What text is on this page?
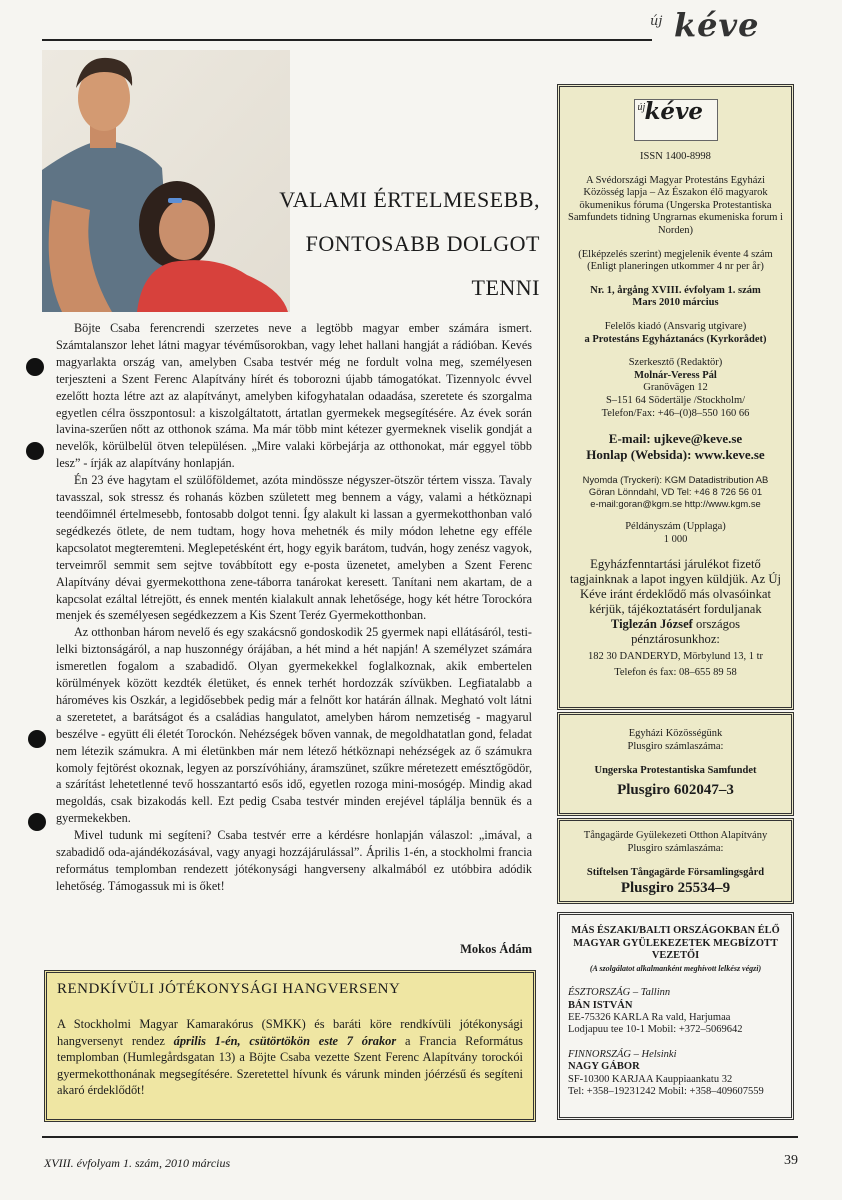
új kéve
VALAMI ÉRTELMESEBB,
FONTOSABB DOLGOT
TENNI

Böjte Csaba ferencrendi szerzetes neve a legtöbb magyar ember számára ismert. Számtalanszor lehet látni magyar tévéműsorokban, vagy lehet hallani hangját a rádióban. Kevés magyarlakta ország van, amelyben Csaba testvér még ne fordult volna meg, személyesen terjeszteni a Szent Ferenc Alapítvány hírét és toborozni újabb támogatókat. Tizennyolc évvel ezelőtt hozta létre azt az alapítványt, amelyben kifogyhatalan odaadása, szeretete és szorgalma egyetlen célra összpontosul: a kiszolgáltatott, ártatlan gyermekek megsegítésére. Az évek során lavina-szerűen nőtt az otthonok száma. Ma már több mint kétezer gyermeknek viselik gondját a nevelők, körülbelül ötven településen. „Mire valaki körbejárja az otthonokat, már eggyel több lesz” - írják az alapítvány honlapján.

Én 23 éve hagytam el szülőföldemet, azóta mindössze négyszer-ötször tértem vissza. Tavaly tavasszal, sok stressz és rohanás közben született meg bennem a vágy, valami a hétköznapi teendőimnél értelmesebb, fontosabb dolgot tenni. Így alakult ki lassan a gyermekotthonban való segédkezés ötlete, de nem tudtam, hogy hova mehetnék és mily módon lehetne egy efféle kapcsolatot megteremteni. Meglepetésként ért, hogy egyik barátom, tudván, hogy zenész vagyok, terveimről semmit sem sejtve továbbított egy e-posta üzenetet, amelyben a Szent Ferenc Alapítvány dévai gyermekotthona zene-táborra tanárokat keresett. Tanítani nem akartam, de a kapcsolat ezáltal létrejött, és ennek mentén kialakult annak lehetősége, hogy két hétre Torockóra menjek és személyesen segédkezzem a Kis Szent Teréz Gyermekotthonban.

Az otthonban három nevelő és egy szakácsnő gondoskodik 25 gyermek napi ellátásáról, testi-lelki biztonságáról, a nap huszonnégy órájában, a hét mind a hét napján! A személyzet számára ismeretlen fogalom a szabadidő. Olyan gyermekekkel foglalkoznak, akik embertelen körülmények között kezdték életüket, és ennek terhét hordozzák szívükben. Legfiatalabb a hároméves kis Oszkár, a legidősebbek pedig már a felnőtt kor határán állnak. Megható volt látni a szeretetet, a barátságot és a családias hangulatot, amelyben három nemzetiség - magyarul beszélve - együtt éli életét Torockón. Nehézségek bőven vannak, de megoldhatatlan gond, feladat nem létezik számukra. A mi életünkben már nem létező hétköznapi nehézségek az ő számukra komoly fejtörést okoznak, legyen az porszívóhiány, áramszünet, szűkre méretezett emésztőgödör, a szárítást lehetetlenné tevő hosszantartó esős idő, egyetlen rozoga mini-mosógép. Mindig akad megoldás, csak bizakodás kell. Ezt pedig Csaba testvér minden erejével táplálja bennük és a gyermekekben.

Mivel tudunk mi segíteni? Csaba testvér erre a kérdésre honlapján válaszol: „imával, a szabadidő oda-ajándékozásával, vagy anyagi hozzájárulással”. Április 1-én, a stockholmi francia református templomban rendezett jótékonysági hangverseny alkalmából ez utóbbira adódik lehetőség. Támogassuk mi is őket!

Mokos Ádám
RENDKÍVÜLI JÓTÉKONYSÁGI HANGVERSENY
A Stockholmi Magyar Kamarakórus (SMKK) és baráti köre rendkívüli jótékonysági hangversenyt rendez április 1-én, csütörtökön este 7 órakor a Francia Református templomban (Humlegårdsgatan 13) a Böjte Csaba vezette Szent Ferenc Alapítvány torockói gyermekotthonának megsegítésére. Szeretettel hívunk és várunk minden jóérzésű és segíteni akaró érdeklődőt!
új kéve
ISSN 1400-8998
A Svédországi Magyar Protestáns Egyházi Közösség lapja – Az Északon élő magyarok ökumenikus fóruma (Ungerska Protestantiska Samfundets tidning Ungrarnas ekumeniska forum i Norden)
(Elképzelés szerint) megjelenik évente 4 szám (Enligt planeringen utkommer 4 nr per år)
Nr. 1, årgång XVIII. évfolyam 1. szám
Mars 2010 március
Felelős kiadó (Ansvarig utgivare)
a Protestáns Egyháztanács (Kyrkorådet)
Szerkesztő (Redaktör)
Molnár-Veress Pál
Granövägen 12
S–151 64 Södertälje /Stockholm/
Telefon/Fax: +46–(0)8–550 160 66
E-mail: ujkeve@keve.se
Honlap (Websida): www.keve.se
Nyomda (Tryckeri): KGM Datadistribution AB
Göran Lönndahl, VD Tel: +46 8 726 56 01
e-mail:goran@kgm.se http://www.kgm.se
Példányszám (Upplaga)
1 000
Egyházfenntartási járulékot fizető tagjainknak a lapot ingyen küldjük. Az Új Kéve iránt érdeklődő más olvasóinkat kérjük, tájékoztatásért forduljanak Tiglezán József országos pénztárosunkhoz:
182 30 DANDERYD, Mörbylund 13, 1 tr
Telefon és fax: 08–655 89 58
Egyházi Közösségünk
Plusgiro számlaszáma:
Ungerska Protestantiska Samfundet
Plusgiro 602047–3
Tångagärde Gyülekezeti Otthon Alapítvány
Plusgiro számlaszáma:
Stiftelsen Tångagärde Församlingsgård
Plusgiro 25534–9
MÁS ÉSZAKI/BALTI ORSZÁGOKBAN ÉLŐ MAGYAR GYÜLEKEZETEK MEGBÍZOTT VEZETŐI
(A szolgálatot alkalmanként meghívott lelkész végzi)
ÉSZTORSZÁG – Tallinn
BÁN ISTVÁN
EE-75326 KARLA Ra vald, Harjumaa
Lodjapuu tee 10-1 Mobil: +372–5069642
FINNORSZÁG – Helsinki
NAGY GÁBOR
SF-10300 KARJAA Kauppiaankatu 32
Tel: +358–19231242 Mobil: +358–409607559
XVIII. évfolyam 1. szám, 2010 március	39
